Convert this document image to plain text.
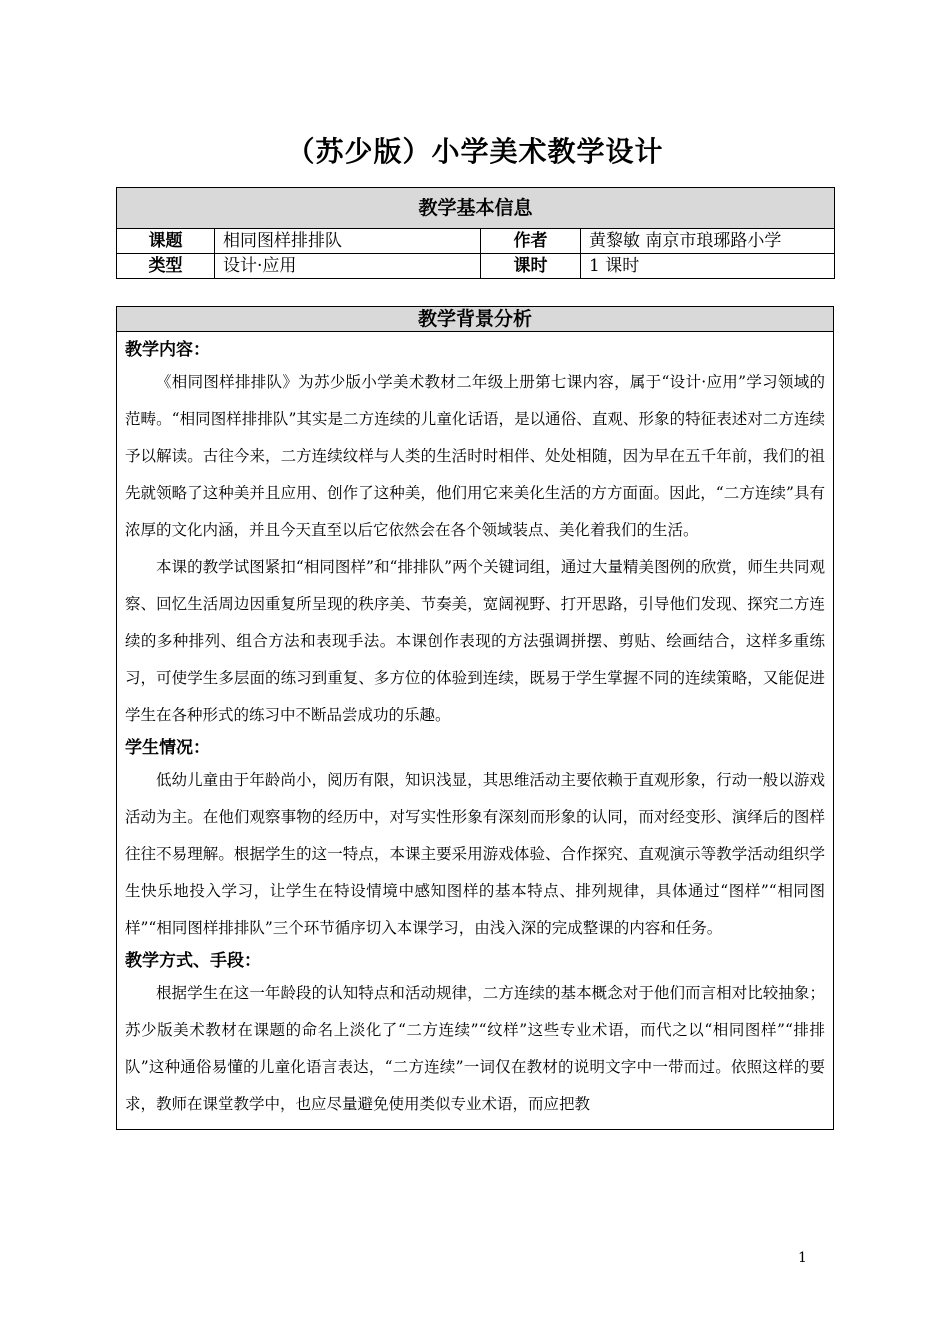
（苏少版）小学美术教学设计
教学基本信息			
课题	相同图样排排队	作者	黄黎敏 南京市琅琊路小学
类型	设计·应用	课时	1 课时
教学背景分析

教学内容：

《相同图样排排队》为苏少版小学美术教材二年级上册第七课内容，属于“设计·应用”学习领域的范畴。“相同图样排排队”其实是二方连续的儿童化话语，是以通俗、直观、形象的特征表述对二方连续予以解读。古往今来，二方连续纹样与人类的生活时时相伴、处处相随，因为早在五千年前，我们的祖先就领略了这种美并且应用、创作了这种美，他们用它来美化生活的方方面面。因此，“二方连续”具有浓厚的文化内涵，并且今天直至以后它依然会在各个领域装点、美化着我们的生活。

本课的教学试图紧扣“相同图样”和“排排队”两个关键词组，通过大量精美图例的欣赏，师生共同观察、回忆生活周边因重复所呈现的秩序美、节奏美，宽阔视野、打开思路，引导他们发现、探究二方连续的多种排列、组合方法和表现手法。本课创作表现的方法强调拼摆、剪贴、绘画结合，这样多重练习，可使学生多层面的练习到重复、多方位的体验到连续，既易于学生掌握不同的连续策略，又能促进学生在各种形式的练习中不断品尝成功的乐趣。

学生情况：

低幼儿童由于年龄尚小，阅历有限，知识浅显，其思维活动主要依赖于直观形象，行动一般以游戏活动为主。在他们观察事物的经历中，对写实性形象有深刻而形象的认同，而对经变形、演绎后的图样往往不易理解。根据学生的这一特点，本课主要采用游戏体验、合作探究、直观演示等教学活动组织学生快乐地投入学习，让学生在特设情境中感知图样的基本特点、排列规律，具体通过“图样”“相同图样”“相同图样排排队”三个环节循序切入本课学习，由浅入深的完成整课的内容和任务。

教学方式、手段：

根据学生在这一年龄段的认知特点和活动规律，二方连续的基本概念对于他们而言相对比较抽象；苏少版美术教材在课题的命名上淡化了“二方连续”“纹样”这些专业术语，而代之以“相同图样”“排排队”这种通俗易懂的儿童化语言表达，“二方连续”一词仅在教材的说明文字中一带而过。依照这样的要求，教师在课堂教学中，也应尽量避免使用类似专业术语，而应把教

1
